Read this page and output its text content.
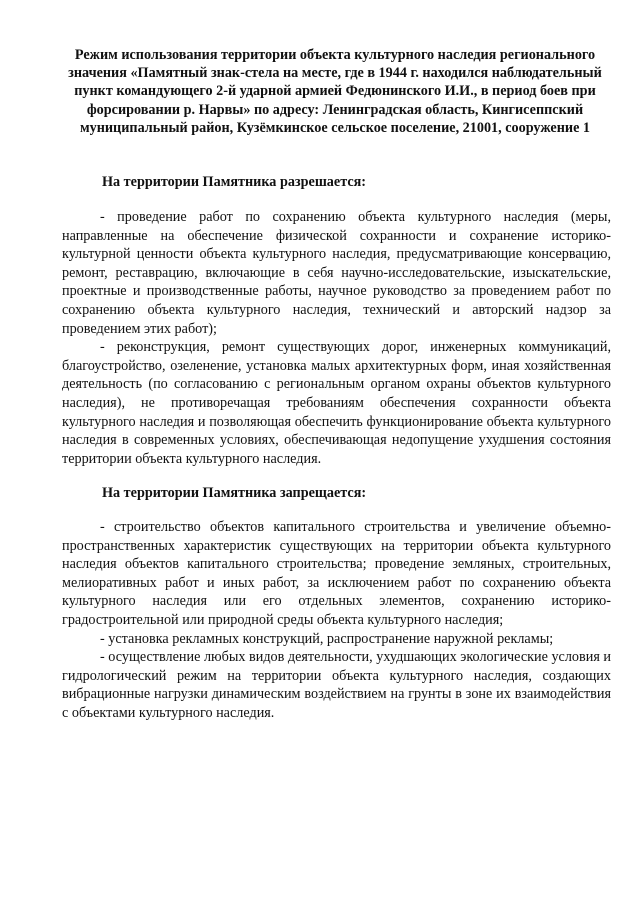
Режим использования территории объекта культурного наследия регионального значения «Памятный знак-стела на месте, где в 1944 г. находился наблюдательный пункт командующего 2-й ударной армией Федюнинского И.И., в период боев при форсировании р. Нарвы» по адресу: Ленинградская область, Кингисеппский муниципальный район, Кузёмкинское сельское поселение, 21001, сооружение 1
На территории Памятника разрешается:

- проведение работ по сохранению объекта культурного наследия (меры, направленные на обеспечение физической сохранности и сохранение историко-культурной ценности объекта культурного наследия, предусматривающие консервацию, ремонт, реставрацию, включающие в себя научно-исследовательские, изыскательские, проектные и производственные работы, научное руководство за проведением работ по сохранению объекта культурного наследия, технический и авторский надзор за проведением этих работ);

- реконструкция, ремонт существующих дорог, инженерных коммуникаций, благоустройство, озеленение, установка малых архитектурных форм, иная хозяйственная деятельность (по согласованию с региональным органом охраны объектов культурного наследия), не противоречащая требованиям обеспечения сохранности объекта культурного наследия и позволяющая обеспечить функционирование объекта культурного наследия в современных условиях, обеспечивающая недопущение ухудшения состояния территории объекта культурного наследия.

На территории Памятника запрещается:

- строительство объектов капитального строительства и увеличение объемно-пространственных характеристик существующих на территории объекта культурного наследия объектов капитального строительства; проведение земляных, строительных, мелиоративных работ и иных работ, за исключением работ по сохранению объекта культурного наследия или его отдельных элементов, сохранению историко-градостроительной или природной среды объекта культурного наследия;

- установка рекламных конструкций, распространение наружной рекламы;

- осуществление любых видов деятельности, ухудшающих экологические условия и гидрологический режим на территории объекта культурного наследия, создающих вибрационные нагрузки динамическим воздействием на грунты в зоне их взаимодействия с объектами культурного наследия.
